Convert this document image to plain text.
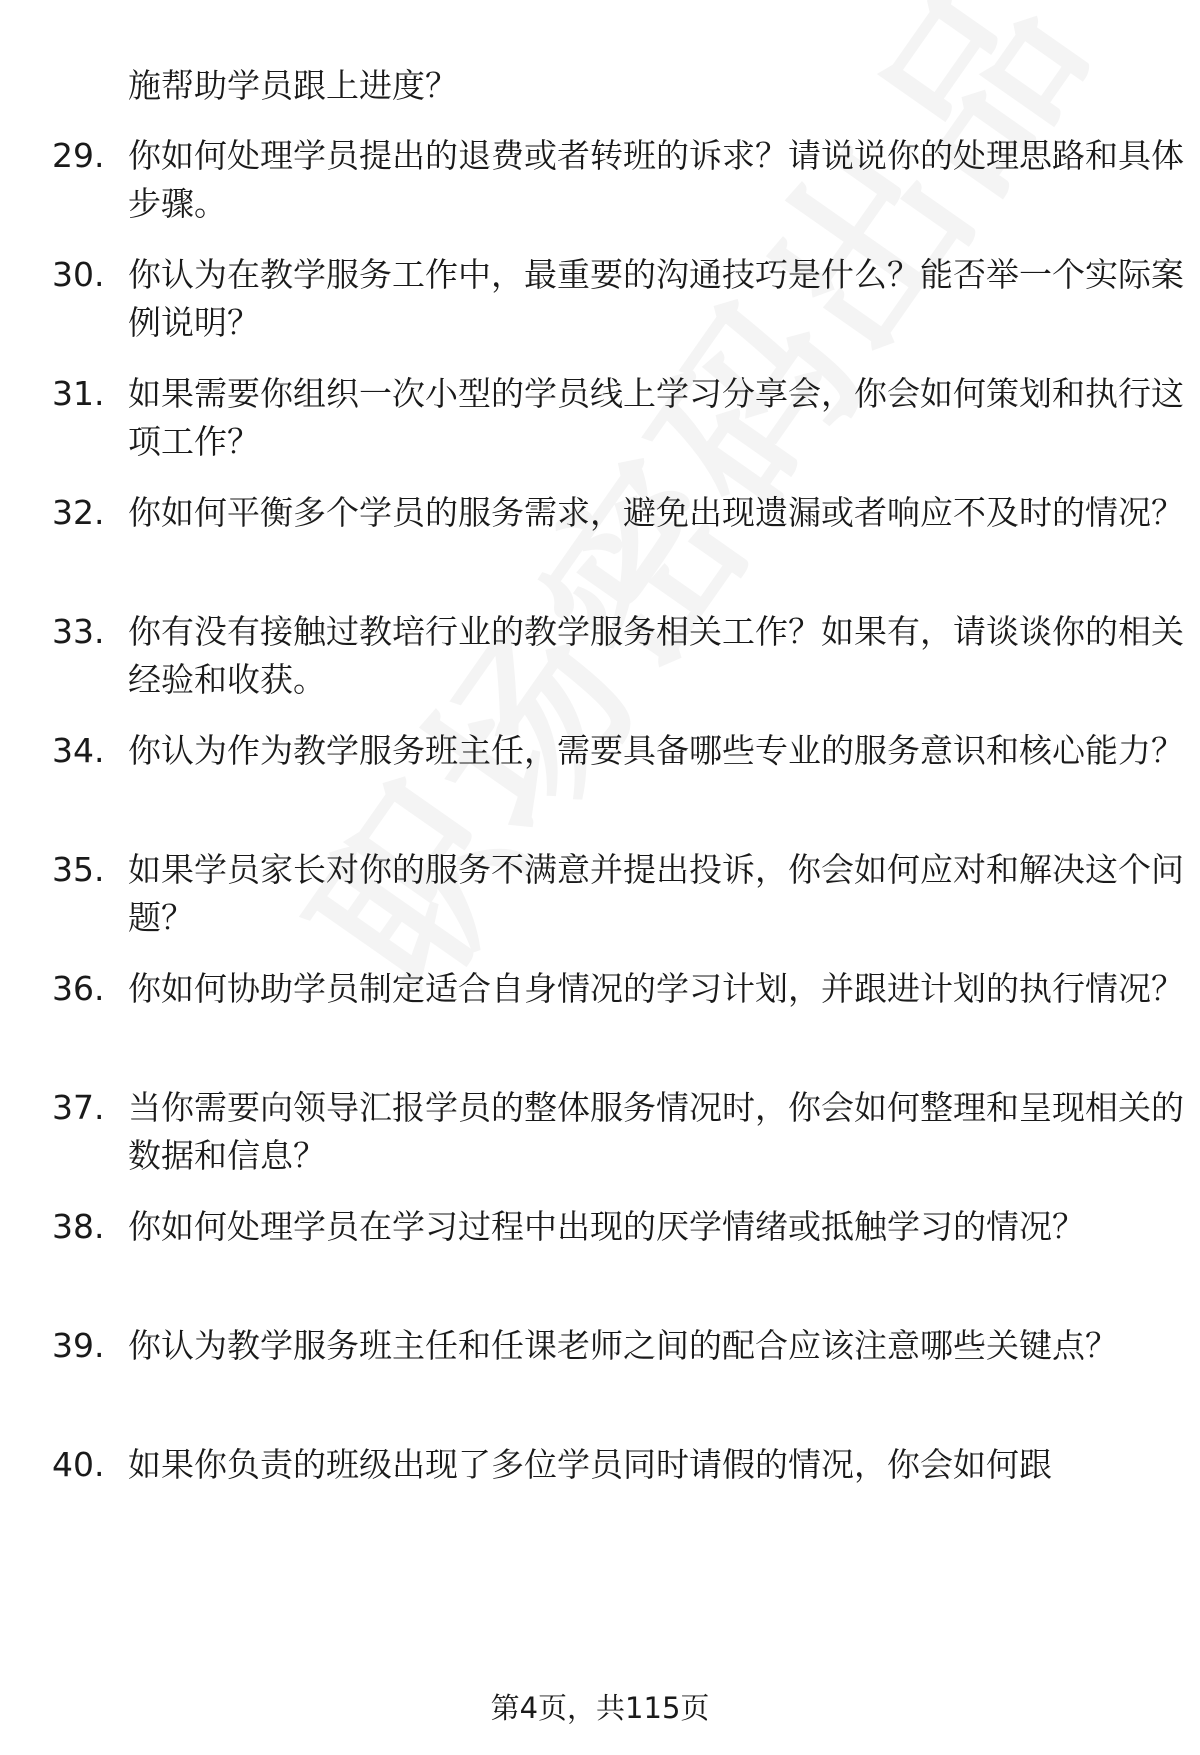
施帮助学员跟上进度？
29. 你如何处理学员提出的退费或者转班的诉求？请说说你的处理思路和具体步骤。
30. 你认为在教学服务工作中，最重要的沟通技巧是什么？能否举一个实际案例说明？
31. 如果需要你组织一次小型的学员线上学习分享会，你会如何策划和执行这项工作？
32. 你如何平衡多个学员的服务需求，避免出现遗漏或者响应不及时的情况？
33. 你有没有接触过教培行业的教学服务相关工作？如果有，请谈谈你的相关经验和收获。
34. 你认为作为教学服务班主任，需要具备哪些专业的服务意识和核心能力？
35. 如果学员家长对你的服务不满意并提出投诉，你会如何应对和解决这个问题？
36. 你如何协助学员制定适合自身情况的学习计划，并跟进计划的执行情况？
37. 当你需要向领导汇报学员的整体服务情况时，你会如何整理和呈现相关的数据和信息？
38. 你如何处理学员在学习过程中出现的厌学情绪或抵触学习的情况？
39. 你认为教学服务班主任和任课老师之间的配合应该注意哪些关键点？
40. 如果你负责的班级出现了多位学员同时请假的情况，你会如何跟
第4页，共115页
